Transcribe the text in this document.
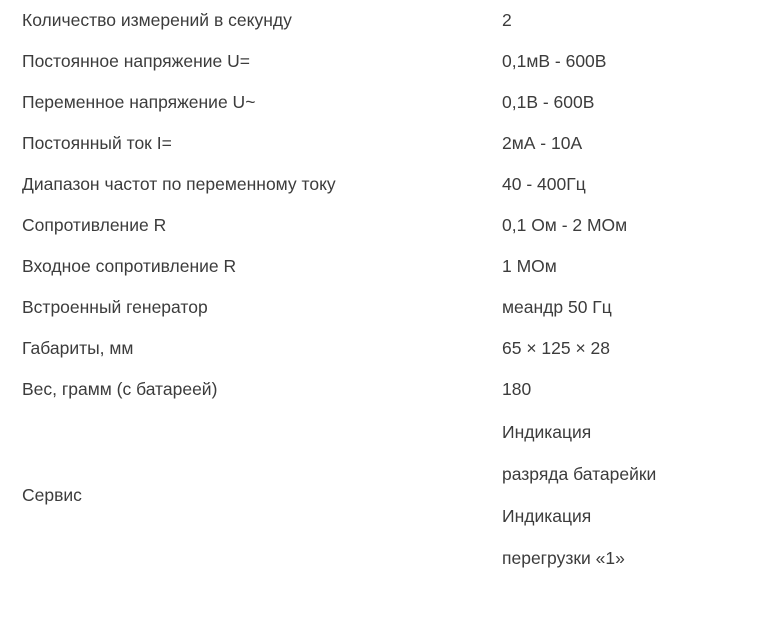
Количество измерений в секунду	2
Постоянное напряжение U=	0,1мВ - 600В
Переменное напряжение U~	0,1В - 600В
Постоянный ток I=	2мА - 10А
Диапазон частот по переменному току	40 - 400Гц
Сопротивление R	0,1 Ом - 2 МОм
Входное сопротивление R	1 МОм
Встроенный генератор	меандр 50 Гц
Габариты, мм	65 × 125 × 28
Вес, грамм (с батареей)	180
Сервис	Индикация
разряда батарейки
Индикация
перегрузки «1»
